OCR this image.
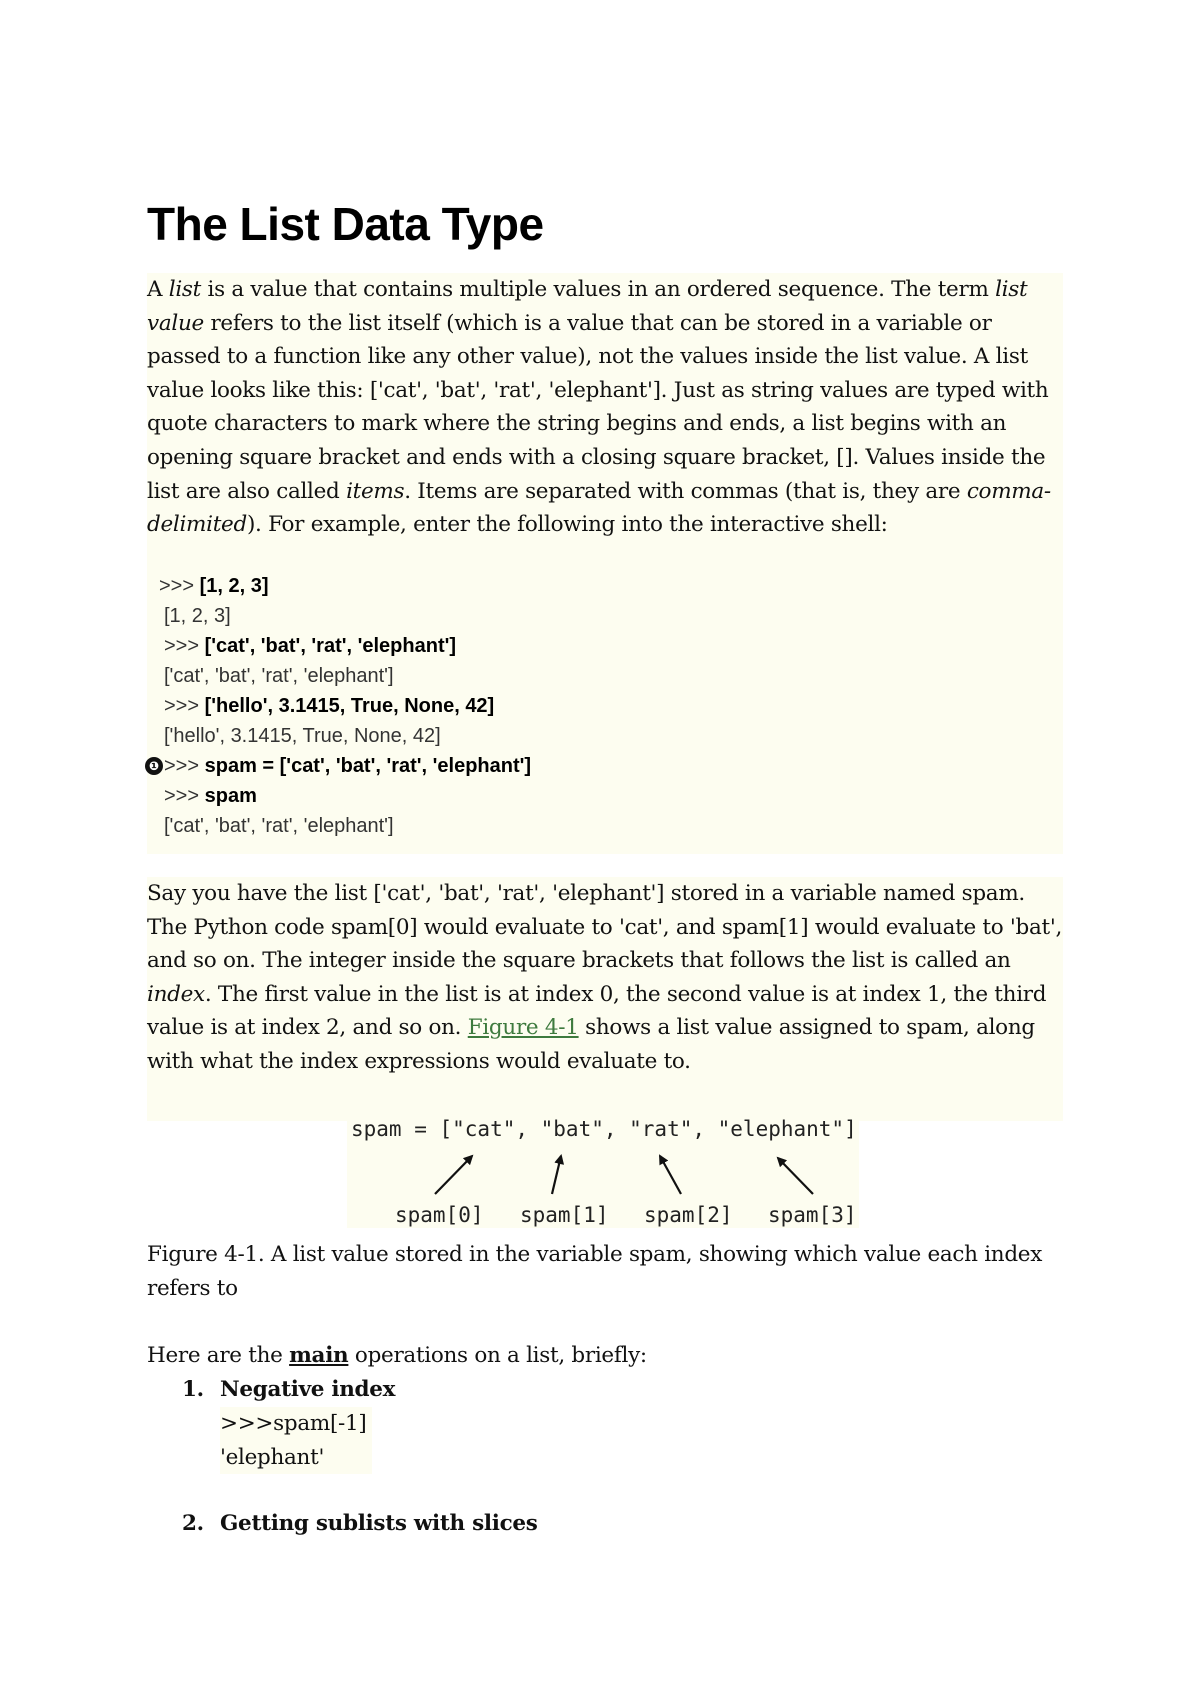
The List Data Type

A list is a value that contains multiple values in an ordered sequence. The term list value refers to the list itself (which is a value that can be stored in a variable or passed to a function like any other value), not the values inside the list value. A list value looks like this: ['cat', 'bat', 'rat', 'elephant']. Just as string values are typed with quote characters to mark where the string begins and ends, a list begins with an opening square bracket and ends with a closing square bracket, []. Values inside the list are also called items. Items are separated with commas (that is, they are comma-delimited). For example, enter the following into the interactive shell:

>>> [1, 2, 3]
[1, 2, 3]
>>> ['cat', 'bat', 'rat', 'elephant']
['cat', 'bat', 'rat', 'elephant']
>>> ['hello', 3.1415, True, None, 42]
['hello', 3.1415, True, None, 42]
❶ >>> spam = ['cat', 'bat', 'rat', 'elephant']
>>> spam
['cat', 'bat', 'rat', 'elephant']

Say you have the list ['cat', 'bat', 'rat', 'elephant'] stored in a variable named spam. The Python code spam[0] would evaluate to 'cat', and spam[1] would evaluate to 'bat', and so on. The integer inside the square brackets that follows the list is called an index. The first value in the list is at index 0, the second value is at index 1, the third value is at index 2, and so on. Figure 4-1 shows a list value assigned to spam, along with what the index expressions would evaluate to.

spam = ["cat", "bat", "rat", "elephant"]
spam[0] spam[1] spam[2] spam[3]

Figure 4-1. A list value stored in the variable spam, showing which value each index refers to

Here are the main operations on a list, briefly:

1. Negative index
>>>spam[-1]
'elephant'
2. Getting sublists with slices
